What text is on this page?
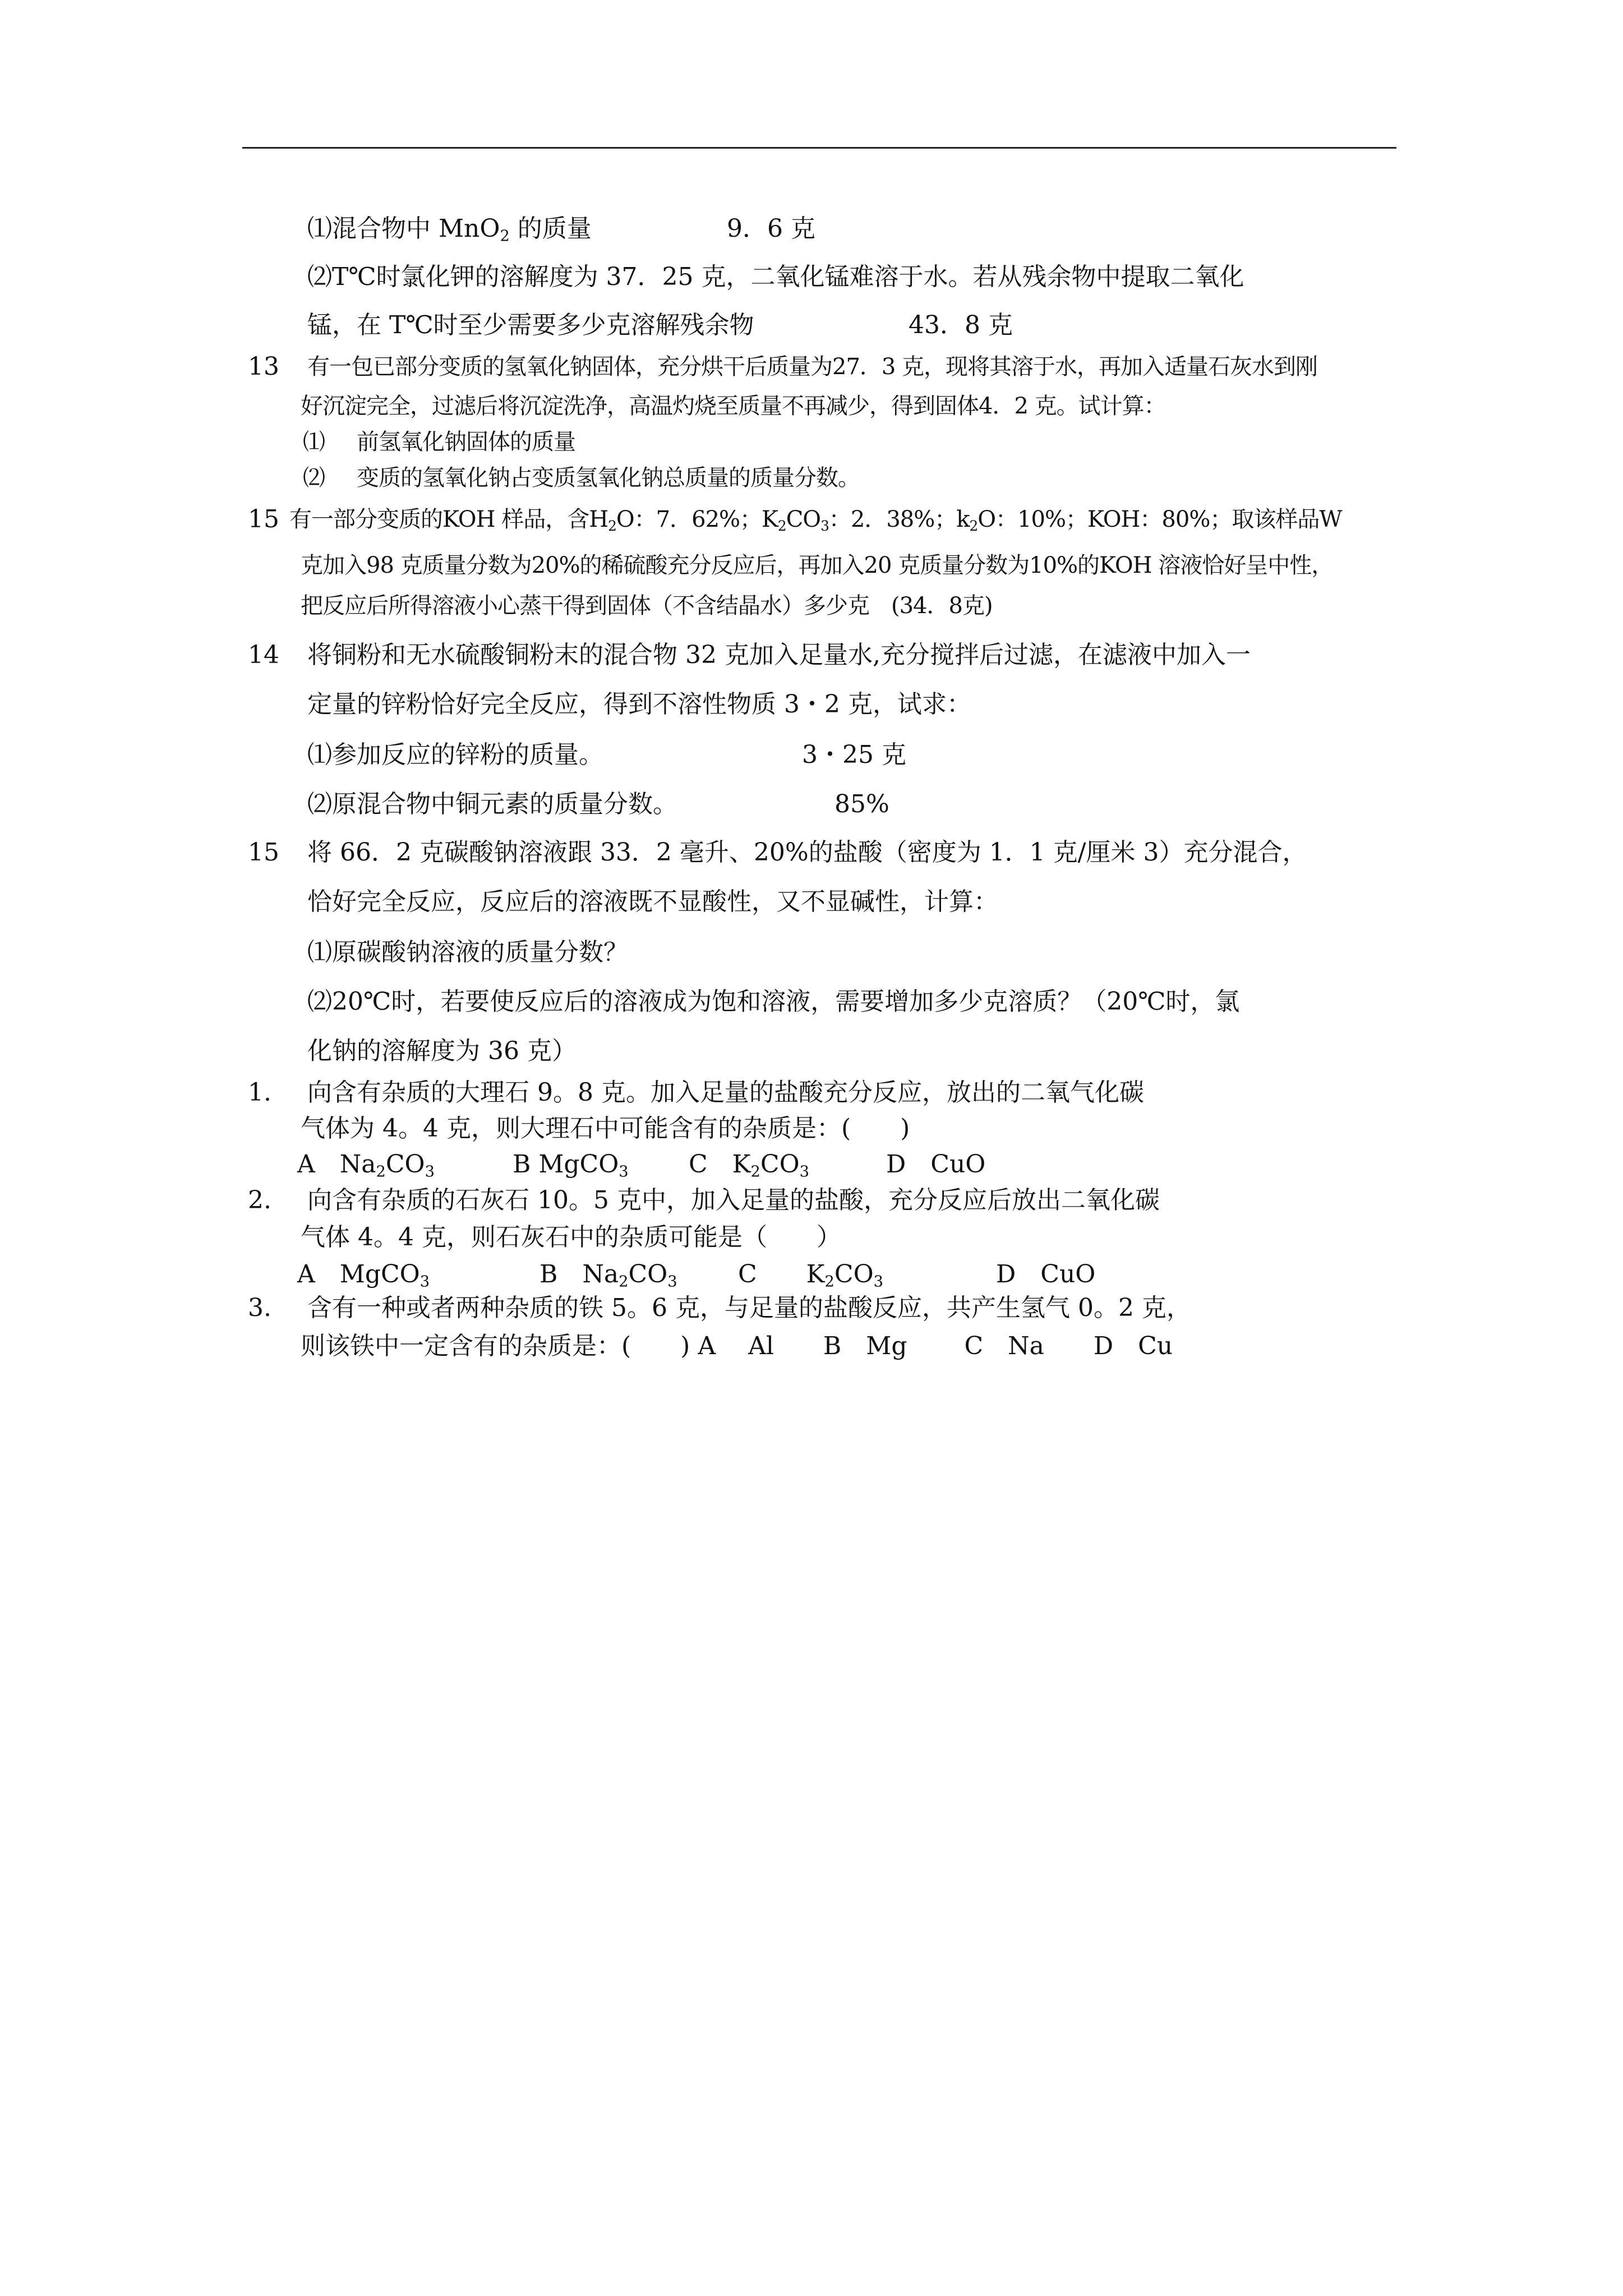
⑴混合物中 MnO$_2$ 的质量	9．6 克
⑵T℃时氯化钾的溶解度为 37．25 克，二氧化锰难溶于水。若从残余物中提取二氧化
锰，在 T℃时至少需要多少克溶解残余物	43．8 克
13 有一包已部分变质的氢氧化钠固体，充分烘干后质量为27．3 克，现将其溶于水，再加入适量石灰水到刚
好沉淀完全，过滤后将沉淀洗净，高温灼烧至质量不再减少，得到固体4．2 克。试计算：
⑴ 前氢氧化钠固体的质量
⑵ 变质的氢氧化钠占变质氢氧化钠总质量的质量分数。
15 有一部分变质的KOH 样品，含$H_2O$：7．62%；$K_2CO_3$：2．38%；$k_2O$：10%；KOH：80%；取该样品W
克加入98 克质量分数为20%的稀硫酸充分反应后，再加入20 克质量分数为10%的KOH 溶液恰好呈中性，
把反应后所得溶液小心蒸干得到固体（不含结晶水）多少克　(34．8克)
14 将铜粉和无水硫酸铜粉末的混合物 32 克加入足量水,充分搅拌后过滤，在滤液中加入一
定量的锌粉恰好完全反应，得到不溶性物质 3・2 克，试求：
⑴参加反应的锌粉的质量。	3・25 克
⑵原混合物中铜元素的质量分数。	85%
15 将 66．2 克碳酸钠溶液跟 33．2 毫升、20%的盐酸（密度为 1．1 克/厘米 3）充分混合，
恰好完全反应，反应后的溶液既不显酸性，又不显碱性，计算：
⑴原碳酸钠溶液的质量分数？
⑵20℃时，若要使反应后的溶液成为饱和溶液，需要增加多少克溶质？（20℃时，氯
化钠的溶解度为 36 克）
1. 向含有杂质的大理石 9。8 克。加入足量的盐酸充分反应，放出的二氧气化碳
气体为 4。4 克，则大理石中可能含有的杂质是：(　　)
A　$Na_2CO_3$	B MgCO$_3$ C　$K_2CO_3$	D　CuO
2. 向含有杂质的石灰石 10。5 克中，加入足量的盐酸，充分反应后放出二氧化碳
气体 4。4 克，则石灰石中的杂质可能是（　　）
A　MgCO$_3$	B　$Na_2CO_3$ C　　$K_2CO_3$	D　CuO
3. 含有一种或者两种杂质的铁 5。6 克，与足量的盐酸反应，共产生氢气 0。2 克，
则该铁中一定含有的杂质是：(　　) A　 Al　　B　Mg　　 C　Na　　D　Cu
